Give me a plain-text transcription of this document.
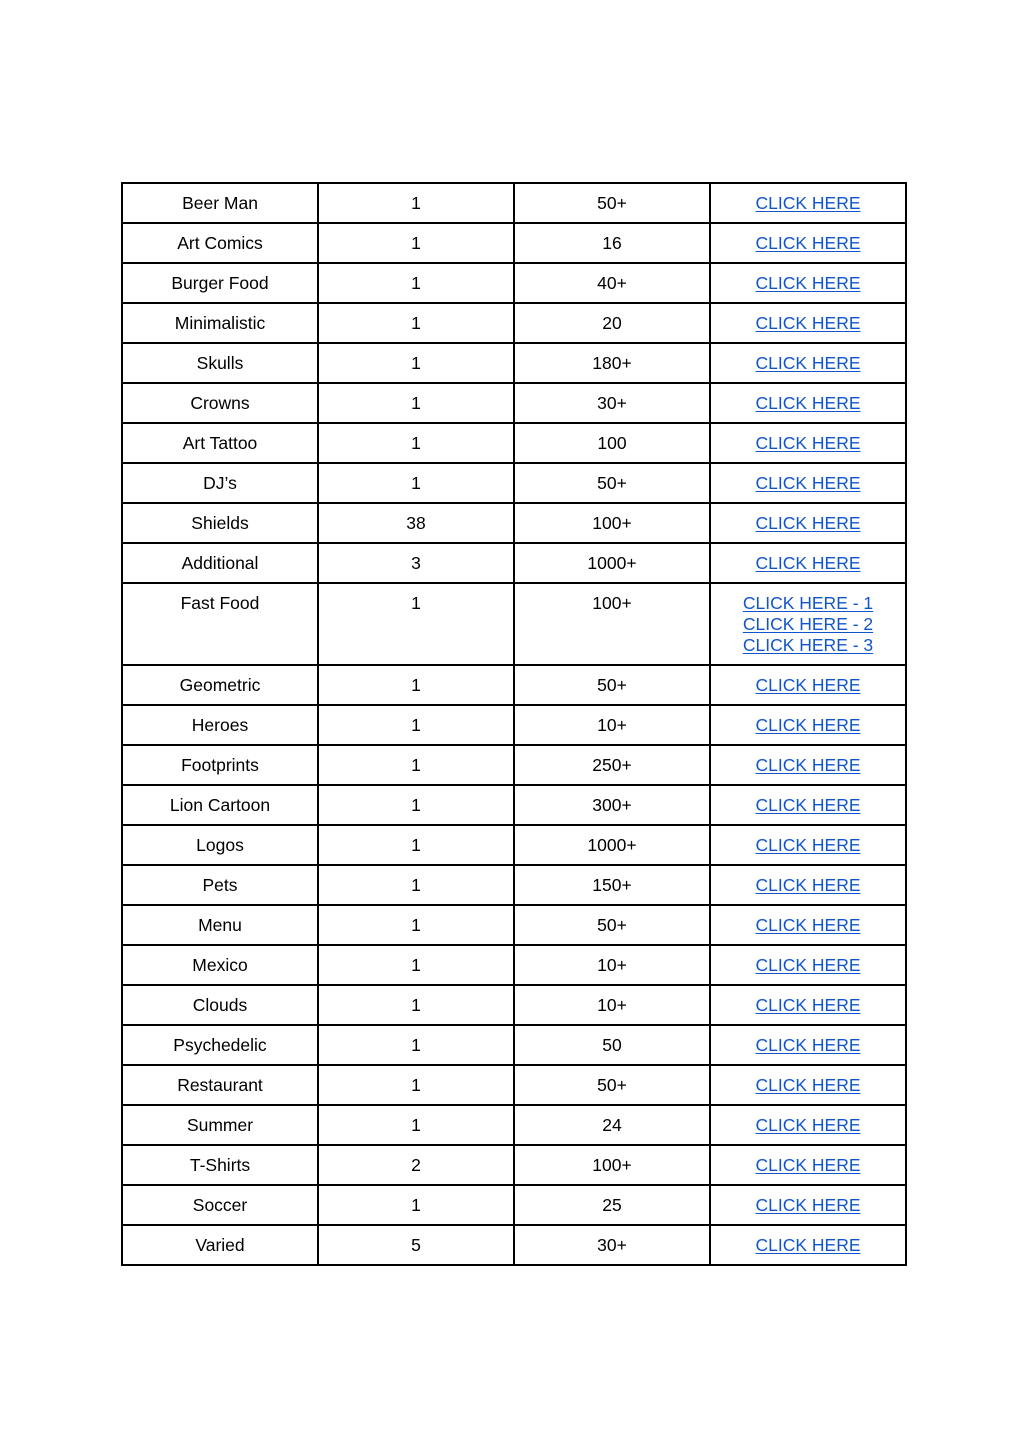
Beer Man	1	50+	CLICK HERE

Art Comics	1	16	CLICK HERE

Burger Food	1	40+	CLICK HERE

Minimalistic	1	20	CLICK HERE

Skulls	1	180+	CLICK HERE

Crowns	1	30+	CLICK HERE

Art Tattoo	1	100	CLICK HERE

DJ’s	1	50+	CLICK HERE

Shields	38	100+	CLICK HERE

Additional	3	1000+	CLICK HERE

Fast Food	1	100+	CLICK HERE - 1
CLICK HERE - 2
CLICK HERE - 3

Geometric	1	50+	CLICK HERE

Heroes	1	10+	CLICK HERE

Footprints	1	250+	CLICK HERE

Lion Cartoon	1	300+	CLICK HERE

Logos	1	1000+	CLICK HERE

Pets	1	150+	CLICK HERE

Menu	1	50+	CLICK HERE

Mexico	1	10+	CLICK HERE

Clouds	1	10+	CLICK HERE

Psychedelic	1	50	CLICK HERE

Restaurant	1	50+	CLICK HERE

Summer	1	24	CLICK HERE

T-Shirts	2	100+	CLICK HERE

Soccer	1	25	CLICK HERE

Varied	5	30+	CLICK HERE
